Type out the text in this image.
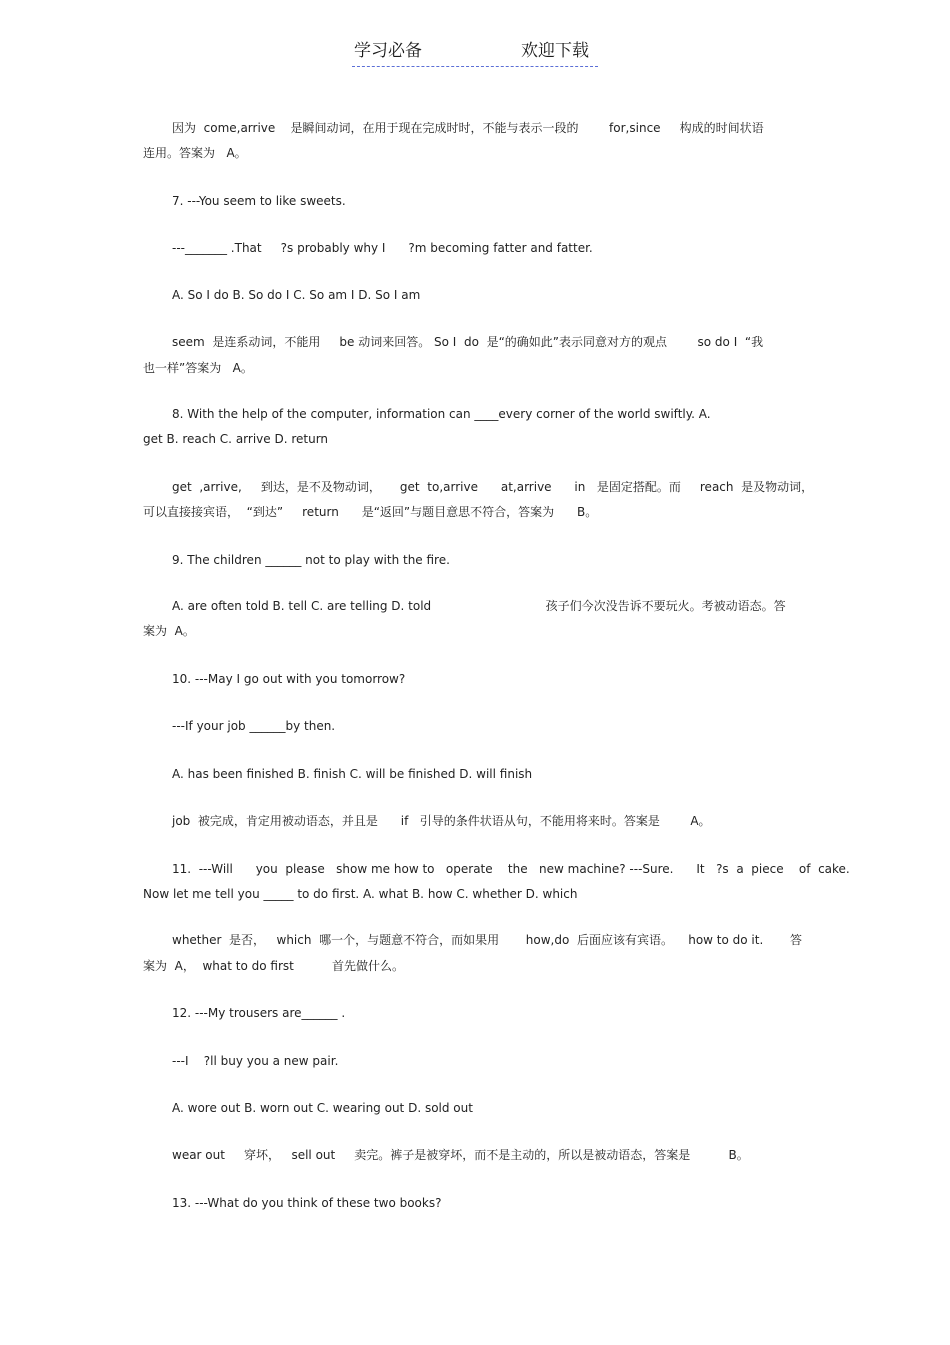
学习必备	欢迎下载
因为  come,arrive    是瞬间动词，在用于现在完成时时，不能与表示一段的        for,since     构成的时间状语
连用。答案为   A。
7. ---You seem to like sweets.
---_______ .That     ?s probably why I      ?m becoming fatter and fatter.
A. So I do B. So do I C. So am I D. So I am
seem  是连系动词，不能用     be 动词来回答。 So I  do  是“的确如此”表示同意对方的观点        so do I  “我
也一样”答案为   A。
8. With the help of the computer, information can ____every corner of the world swiftly. A.
get B. reach C. arrive D. return
get  ,arrive,     到达，是不及物动词，     get  to,arrive      at,arrive      in   是固定搭配。而     reach  是及物动词，
可以直接接宾语，  “到达”     return      是“返回”与题目意思不符合，答案为      B。
9. The children ______ not to play with the fire.
A. are often told B. tell C. are telling D. told                              孩子们今次没告诉不要玩火。考被动语态。答
案为  A。
10. ---May I go out with you tomorrow?
---If your job ______by then.
A. has been finished B. finish C. will be finished D. will finish
job  被完成，肯定用被动语态，并且是      if   引导的条件状语从句，不能用将来时。答案是        A。
11.  ---Will      you  please   show me how to   operate    the   new machine? ---Sure.      It   ?s  a  piece    of  cake.
Now let me tell you _____ to do first. A. what B. how C. whether D. which
whether  是否，   which  哪一个，与题意不符合，而如果用       how,do  后面应该有宾语。    how to do it.       答
案为  A，  what to do first          首先做什么。
12. ---My trousers are______ .
---I    ?ll buy you a new pair.
A. wore out B. worn out C. wearing out D. sold out
wear out     穿坏，   sell out     卖完。裤子是被穿坏，而不是主动的，所以是被动语态，答案是          B。
13. ---What do you think of these two books?
